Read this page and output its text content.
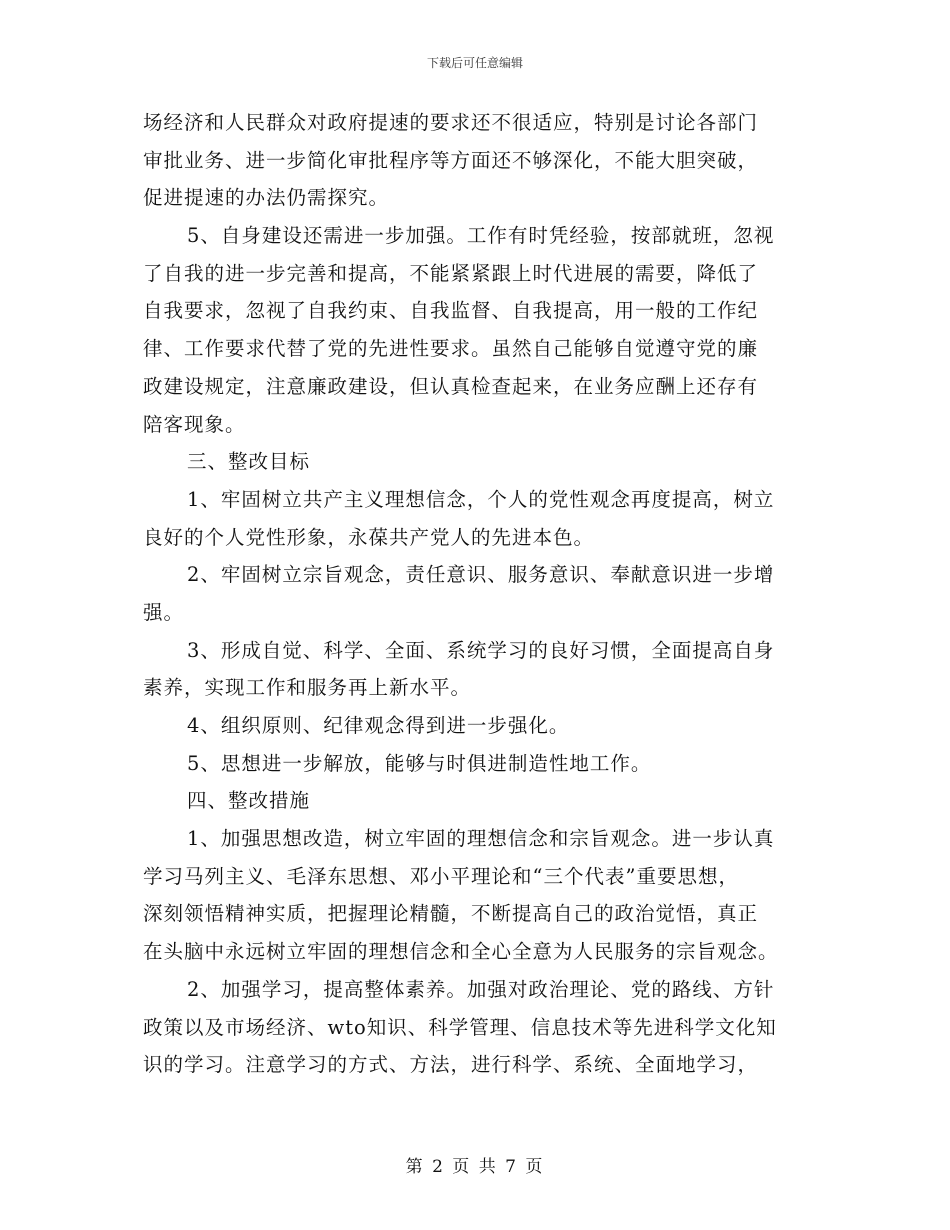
下载后可任意编辑
场经济和人民群众对政府提速的要求还不很适应，特别是讨论各部门
审批业务、进一步简化审批程序等方面还不够深化，不能大胆突破，
促进提速的办法仍需探究。
5、自身建设还需进一步加强。工作有时凭经验，按部就班，忽视
了自我的进一步完善和提高，不能紧紧跟上时代进展的需要，降低了
自我要求，忽视了自我约束、自我监督、自我提高，用一般的工作纪
律、工作要求代替了党的先进性要求。虽然自己能够自觉遵守党的廉
政建设规定，注意廉政建设，但认真检查起来，在业务应酬上还存有
陪客现象。
三、整改目标
1、牢固树立共产主义理想信念，个人的党性观念再度提高，树立
良好的个人党性形象，永葆共产党人的先进本色。
2、牢固树立宗旨观念，责任意识、服务意识、奉献意识进一步增
强。
3、形成自觉、科学、全面、系统学习的良好习惯，全面提高自身
素养，实现工作和服务再上新水平。
4、组织原则、纪律观念得到进一步强化。
5、思想进一步解放，能够与时俱进制造性地工作。
四、整改措施
1、加强思想改造，树立牢固的理想信念和宗旨观念。进一步认真
学习马列主义、毛泽东思想、邓小平理论和“三个代表”重要思想，
深刻领悟精神实质，把握理论精髓，不断提高自己的政治觉悟，真正
在头脑中永远树立牢固的理想信念和全心全意为人民服务的宗旨观念。
2、加强学习，提高整体素养。加强对政治理论、党的路线、方针
政策以及市场经济、wto知识、科学管理、信息技术等先进科学文化知
识的学习。注意学习的方式、方法，进行科学、系统、全面地学习，
第 2 页 共 7 页
